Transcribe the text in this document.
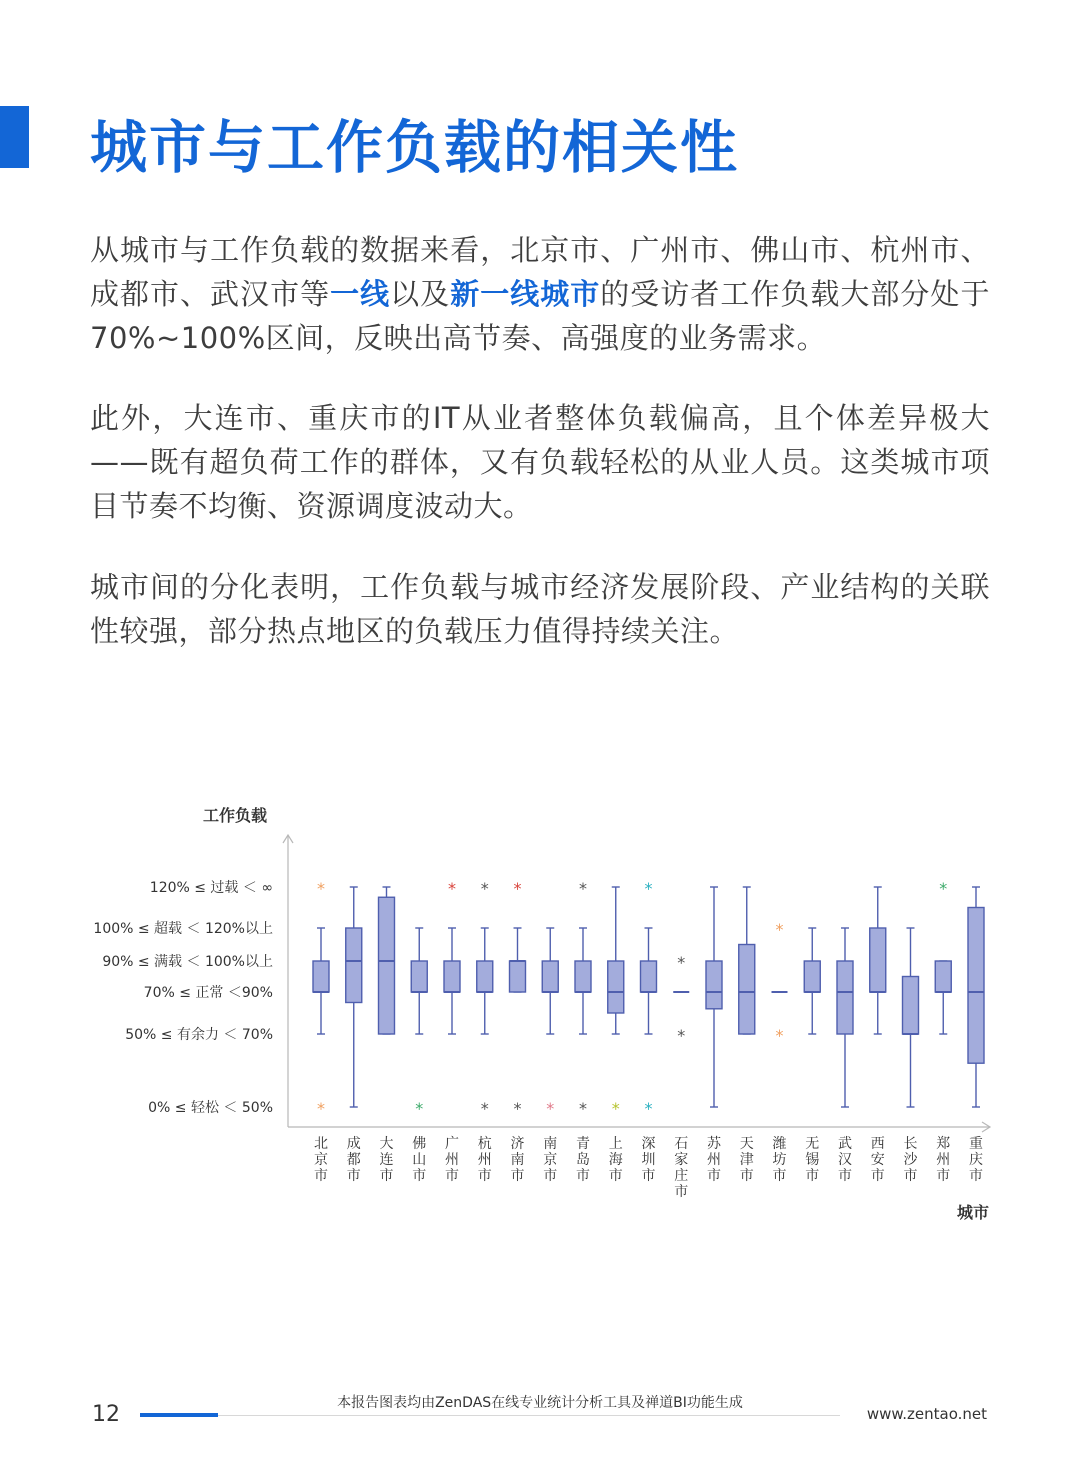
城市与工作负载的相关性

从城市与工作负载的数据来看，北京市、广州市、佛山市、杭州市、成都市、武汉市等一线以及新一线城市的受访者工作负载大部分处于70%~100%区间，反映出高节奏、高强度的业务需求。

此外，大连市、重庆市的IT从业者整体负载偏高，且个体差异极大——既有超负荷工作的群体，又有负载轻松的从业人员。这类城市项目节奏不均衡、资源调度波动大。

城市间的分化表明，工作负载与城市经济发展阶段、产业结构的关联性较强，部分热点地区的负载压力值得持续关注。

工作负载
城市
0% ≤ 轻松 ＜ 50%
50% ≤ 有余力 ＜ 70%
70% ≤ 正常 ＜90%
90% ≤ 满载 ＜ 100%以上
100% ≤ 超载 ＜ 120%以上
120% ≤ 过载 ＜ ∞	*
*
北京市
成都市
大连市
*
佛山市
*
广州市
*
*
杭州市
*
*
济南市
*
南京市
*
*
青岛市
*
上海市
*
*
深圳市
*
*
石家庄市
苏州市
天津市
*
*
潍坊市
无锡市
武汉市
西安市
长沙市
*
郑州市
重庆市
12	本报告图表均由ZenDAS在线专业统计分析工具及禅道BI功能生成
www.zentao.net
